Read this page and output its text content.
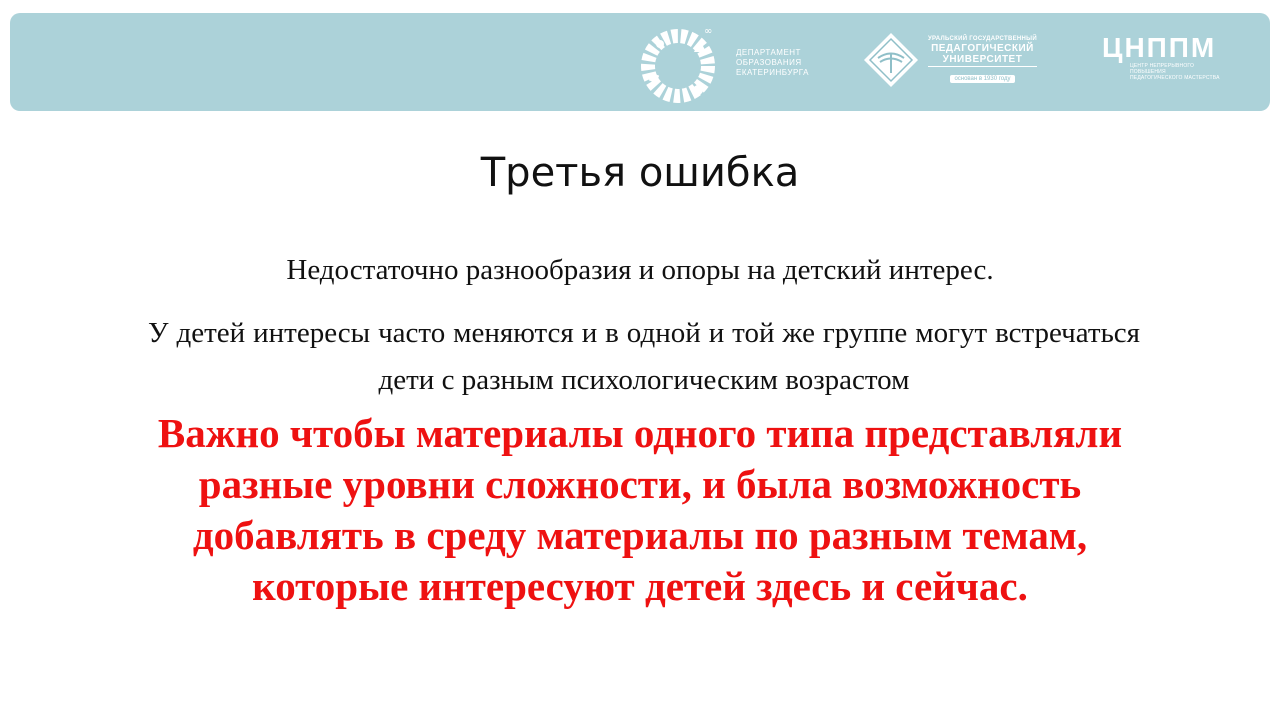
∞
ДЕПАРТАМЕНТ
ОБРАЗОВАНИЯ
ЕКАТЕРИНБУРГА
УРАЛЬСКИЙ ГОСУДАРСТВЕННЫЙ
ПЕДАГОГИЧЕСКИЙ
УНИВЕРСИТЕТ
основан в 1930 году
ЦНППМ
ЦЕНТР НЕПРЕРЫВНОГО ПОВЫШЕНИЯ
ПЕДАГОГИЧЕСКОГО МАСТЕРСТВА
Третья ошибка

Недостаточно разнообразия и опоры на детский интерес.

У детей интересы часто меняются и в одной и той же группе могут встречаться дети с разным психологическим возрастом

Важно чтобы материалы одного типа представляли разные уровни сложности, и была возможность добавлять в среду материалы по разным темам, которые интересуют детей здесь и сейчас.
